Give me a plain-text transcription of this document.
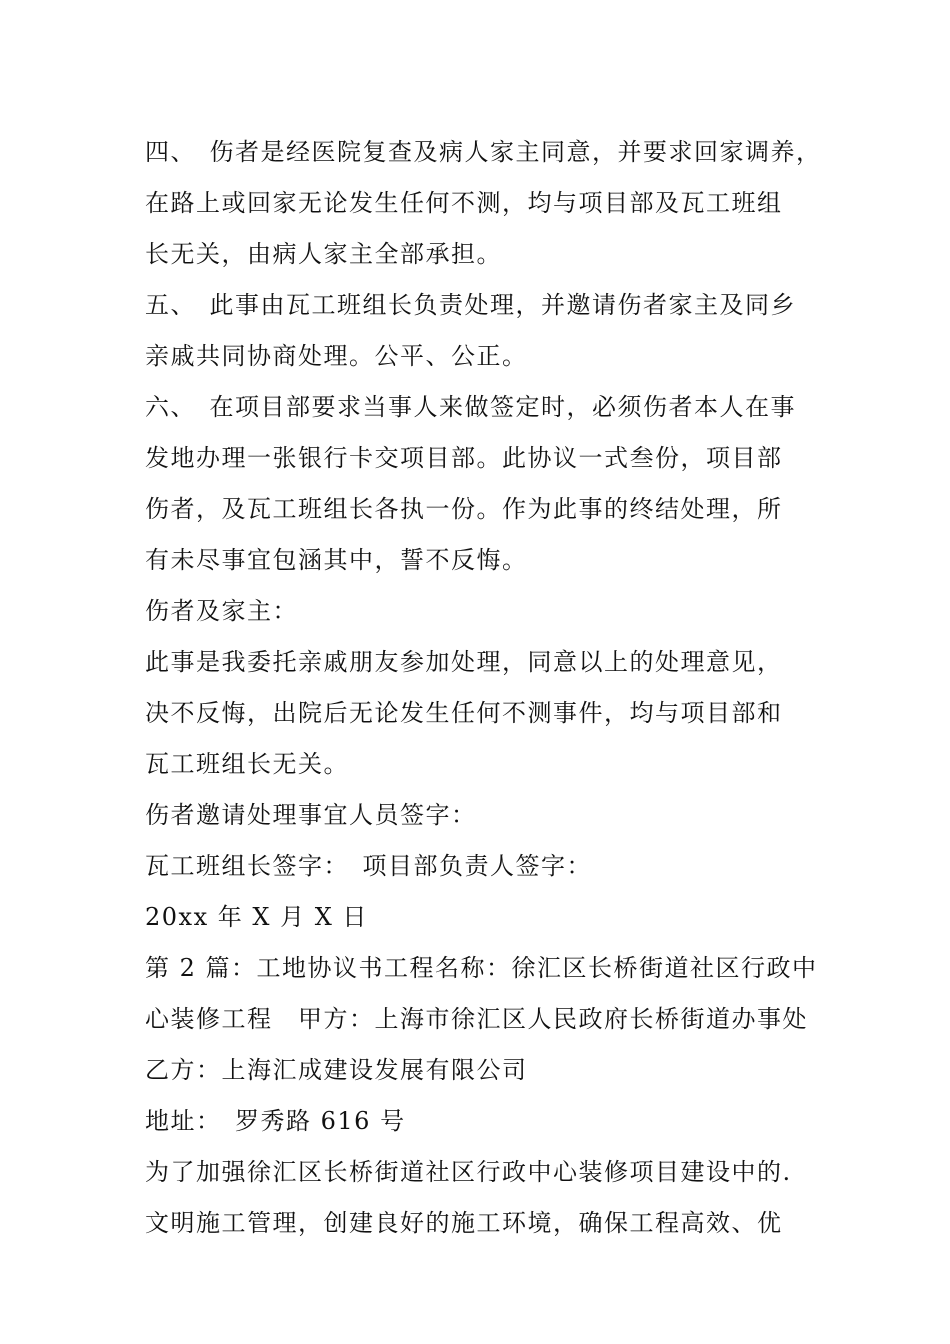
四、　伤者是经医院复查及病人家主同意，并要求回家调养，
在路上或回家无论发生任何不测，均与项目部及瓦工班组
长无关，由病人家主全部承担。
五、　此事由瓦工班组长负责处理，并邀请伤者家主及同乡
亲戚共同协商处理。公平、公正。
六、　在项目部要求当事人来做签定时，必须伤者本人在事
发地办理一张银行卡交项目部。此协议一式叁份，项目部
伤者，及瓦工班组长各执一份。作为此事的终结处理，所
有未尽事宜包涵其中，誓不反悔。
伤者及家主：
此事是我委托亲戚朋友参加处理，同意以上的处理意见，
决不反悔，出院后无论发生任何不测事件，均与项目部和
瓦工班组长无关。
伤者邀请处理事宜人员签字：
瓦工班组长签字：　项目部负责人签字：
20xx 年 X 月 X 日
第 2 篇：工地协议书工程名称：徐汇区长桥街道社区行政中
心装修工程　甲方：上海市徐汇区人民政府长桥街道办事处
乙方：上海汇成建设发展有限公司
地址：　罗秀路 616 号
为了加强徐汇区长桥街道社区行政中心装修项目建设中的.
文明施工管理，创建良好的施工环境，确保工程高效、优
